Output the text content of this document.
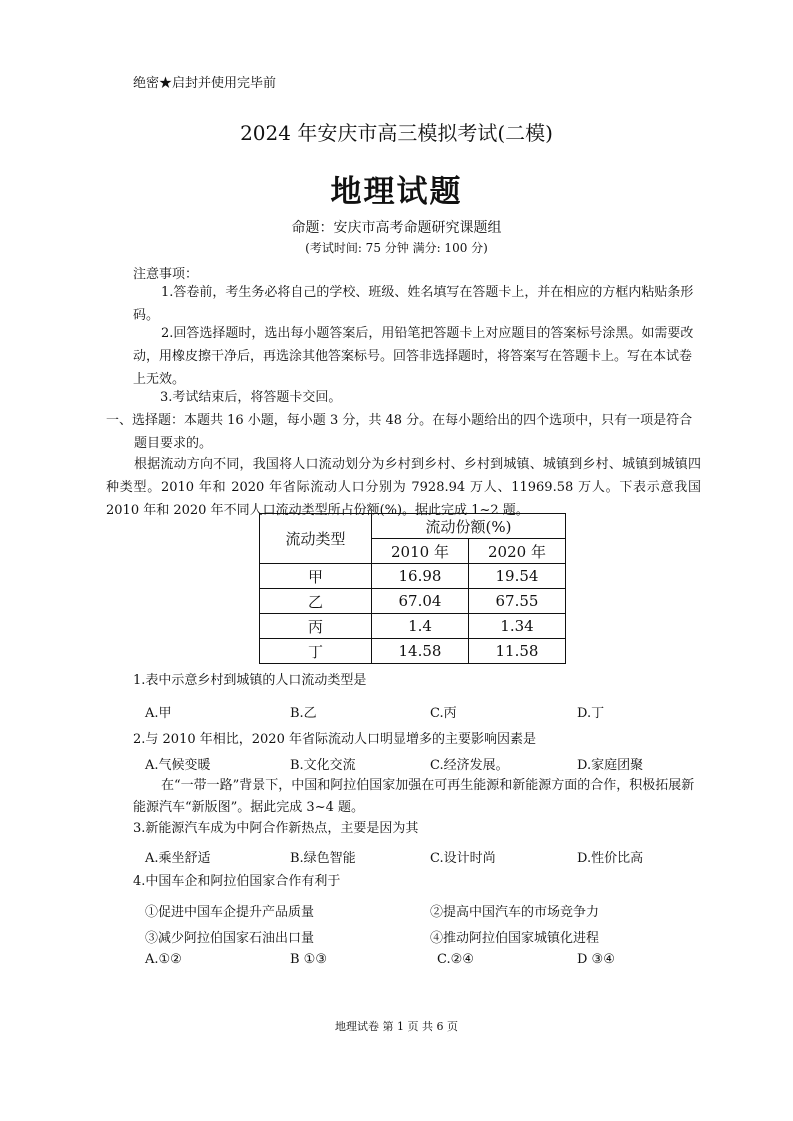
绝密★启封并使用完毕前
2024 年安庆市高三模拟考试(二模)
地理试题
命题：安庆市高考命题研究课题组
(考试时间: 75 分钟 满分: 100 分)
注意事项：
1.答卷前，考生务必将自己的学校、班级、姓名填写在答题卡上，并在相应的方框内粘贴条形码。
2.回答选择题时，选出每小题答案后，用铅笔把答题卡上对应题目的答案标号涂黑。如需要改动，用橡皮擦干净后，再选涂其他答案标号。回答非选择题时，将答案写在答题卡上。写在本试卷上无效。
3.考试结束后，将答题卡交回。
一、选择题：本题共 16 小题，每小题 3 分，共 48 分。在每小题给出的四个选项中，只有一项是符合题目要求的。
根据流动方向不同，我国将人口流动划分为乡村到乡村、乡村到城镇、城镇到乡村、城镇到城镇四种类型。2010 年和 2020 年省际流动人口分别为 7928.94 万人、11969.58 万人。下表示意我国 2010 年和 2020 年不同人口流动类型所占份额(%)。据此完成 1~2 题。
流动类型	流动份额(%)	
	2010 年	2020 年
甲	16.98	19.54
乙	67.04	67.55
丙	1.4	1.34
丁	14.58	11.58
1.表中示意乡村到城镇的人口流动类型是
A.甲	B.乙	C.丙	D.丁
2.与 2010 年相比，2020 年省际流动人口明显增多的主要影响因素是
A.气候变暖	B.文化交流	C.经济发展。	D.家庭团聚
在“一带一路”背景下，中国和阿拉伯国家加强在可再生能源和新能源方面的合作，积极拓展新能源汽车“新版图”。据此完成 3~4 题。
3.新能源汽车成为中阿合作新热点，主要是因为其
A.乘坐舒适	B.绿色智能	C.设计时尚	D.性价比高
4.中国车企和阿拉伯国家合作有利于
①促进中国车企提升产品质量	②提高中国汽车的市场竞争力
③减少阿拉伯国家石油出口量	④推动阿拉伯国家城镇化进程
A.①②	B ①③	C.②④	D ③④
地理试卷 第 1 页 共 6 页
